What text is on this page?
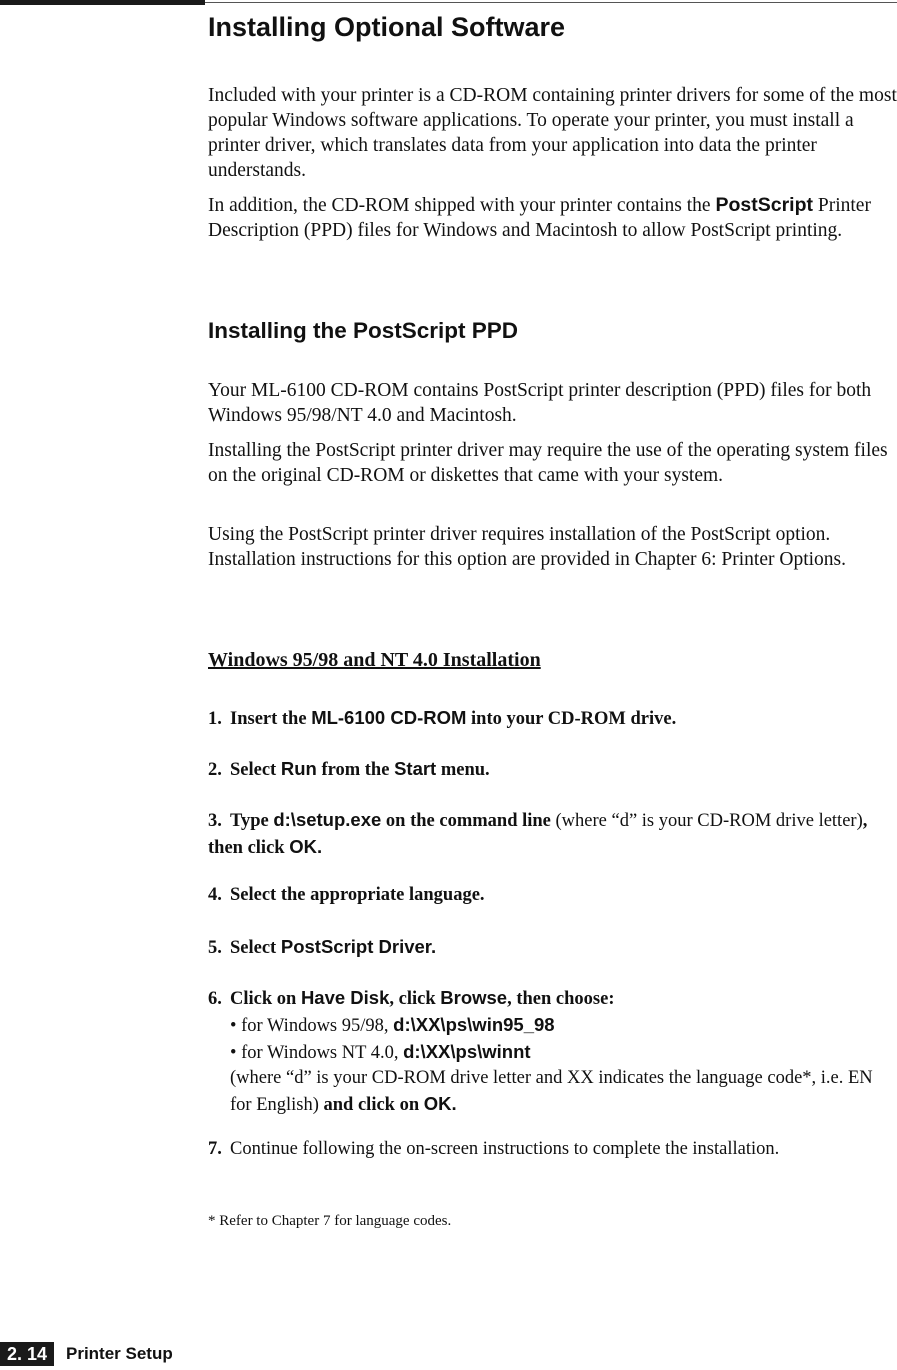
Installing Optional Software

Included with your printer is a CD-ROM containing printer drivers for some of the most popular Windows software applications. To operate your printer, you must install a printer driver, which translates data from your application into data the printer understands.

In addition, the CD-ROM shipped with your printer contains the PostScript Printer Description (PPD) files for Windows and Macintosh to allow PostScript printing.

Installing the PostScript PPD

Your ML-6100 CD-ROM contains PostScript printer description (PPD) files for both Windows 95/98/NT 4.0 and Macintosh.

Installing the PostScript printer driver may require the use of the operating system files on the original CD-ROM or diskettes that came with your system.

Using the PostScript printer driver requires installation of the PostScript option. Installation instructions for this option are provided in Chapter 6: Printer Options.

Windows 95/98 and NT 4.0 Installation

1. Insert the ML-6100 CD-ROM into your CD-ROM drive.

2. Select Run from the Start menu.

3. Type d:\setup.exe on the command line (where “d” is your CD-ROM drive letter), then click OK.

4. Select the appropriate language.

5. Select PostScript Driver.

6. Click on Have Disk, click Browse, then choose:
• for Windows 95/98, d:\XX\ps\win95_98
• for Windows NT 4.0, d:\XX\ps\winnt
(where “d” is your CD-ROM drive letter and XX indicates the language code*, i.e. EN for English) and click on OK.

7. Continue following the on-screen instructions to complete the installation.

* Refer to Chapter 7 for language codes.

2. 14	Printer Setup
